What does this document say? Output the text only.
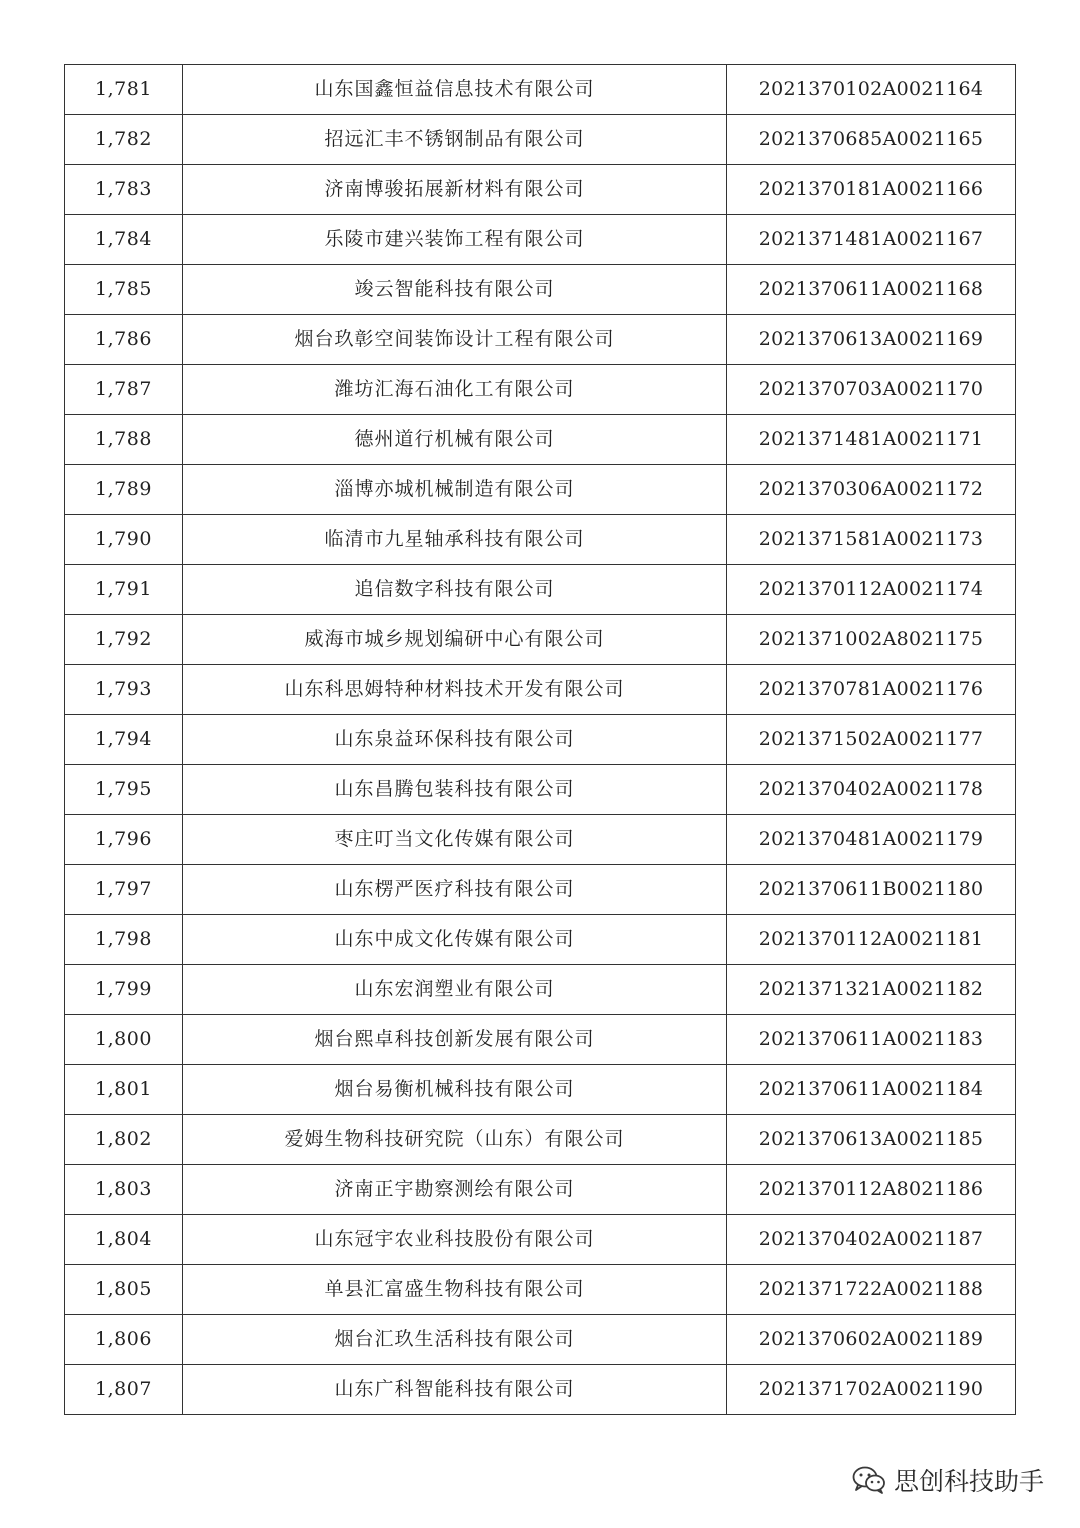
1,781	山东国鑫恒益信息技术有限公司	2021370102A0021164
1,782	招远汇丰不锈钢制品有限公司	2021370685A0021165
1,783	济南博骏拓展新材料有限公司	2021370181A0021166
1,784	乐陵市建兴装饰工程有限公司	2021371481A0021167
1,785	竣云智能科技有限公司	2021370611A0021168
1,786	烟台玖彰空间装饰设计工程有限公司	2021370613A0021169
1,787	潍坊汇海石油化工有限公司	2021370703A0021170
1,788	德州道行机械有限公司	2021371481A0021171
1,789	淄博亦城机械制造有限公司	2021370306A0021172
1,790	临清市九星轴承科技有限公司	2021371581A0021173
1,791	追信数字科技有限公司	2021370112A0021174
1,792	威海市城乡规划编研中心有限公司	2021371002A8021175
1,793	山东科思姆特种材料技术开发有限公司	2021370781A0021176
1,794	山东泉益环保科技有限公司	2021371502A0021177
1,795	山东昌腾包装科技有限公司	2021370402A0021178
1,796	枣庄叮当文化传媒有限公司	2021370481A0021179
1,797	山东楞严医疗科技有限公司	2021370611B0021180
1,798	山东中成文化传媒有限公司	2021370112A0021181
1,799	山东宏润塑业有限公司	2021371321A0021182
1,800	烟台熙卓科技创新发展有限公司	2021370611A0021183
1,801	烟台易衡机械科技有限公司	2021370611A0021184
1,802	爱姆生物科技研究院（山东）有限公司	2021370613A0021185
1,803	济南正宇勘察测绘有限公司	2021370112A8021186
1,804	山东冠宇农业科技股份有限公司	2021370402A0021187
1,805	单县汇富盛生物科技有限公司	2021371722A0021188
1,806	烟台汇玖生活科技有限公司	2021370602A0021189
1,807	山东广科智能科技有限公司	2021371702A0021190
思创科技助手
